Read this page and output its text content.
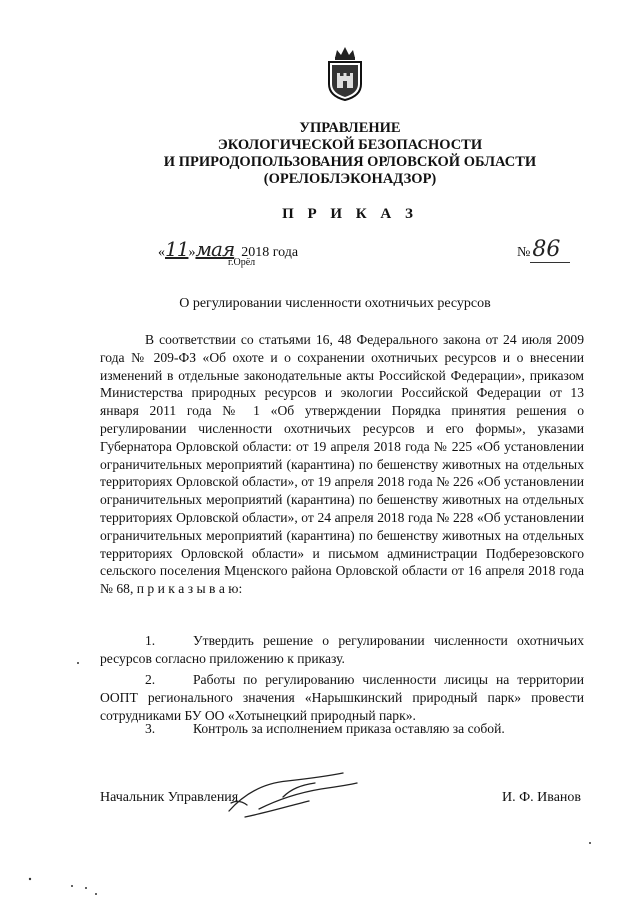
УПРАВЛЕНИЕ
ЭКОЛОГИЧЕСКОЙ БЕЗОПАСНОСТИ
И ПРИРОДОПОЛЬЗОВАНИЯ ОРЛОВСКОЙ ОБЛАСТИ
(ОРЕЛОБЛЭКОНАДЗОР)
П Р И К А З
«11»мая 2018 года
г.Орёл
№86
О регулировании численности охотничьих ресурсов

В соответствии со статьями 16, 48 Федерального закона от 24 июля 2009 года № 209-ФЗ «Об охоте и о сохранении охотничьих ресурсов и о внесении изменений в отдельные законодательные акты Российской Федерации», приказом Министерства природных ресурсов и экологии Российской Федерации от 13 января 2011 года № 1 «Об утверждении Порядка принятия решения о регулировании численности охотничьих ресурсов и его формы», указами Губернатора Орловской области: от 19 апреля 2018 года № 225 «Об установлении ограничительных мероприятий (карантина) по бешенству животных на отдельных территориях Орловской области», от 19 апреля 2018 года № 226 «Об установлении ограничительных мероприятий (карантина) по бешенству животных на отдельных территориях Орловской области», от 24 апреля 2018 года № 228 «Об установлении ограничительных мероприятий (карантина) по бешенству животных на отдельных территориях Орловской области» и письмом администрации Подберезовского сельского поселения Мценского района Орловской области от 16 апреля 2018 года № 68, п р и к а з ы в а ю:

1.	Утвердить решение о регулировании численности охотничьих ресурсов согласно приложению к приказу.

2.	Работы по регулированию численности лисицы на территории ООПТ регионального значения «Нарышкинский природный парк» провести сотрудниками БУ ОО «Хотынецкий природный парк».

3.	Контроль за исполнением приказа оставляю за собой.

Начальник Управления	И. Ф. Иванов
